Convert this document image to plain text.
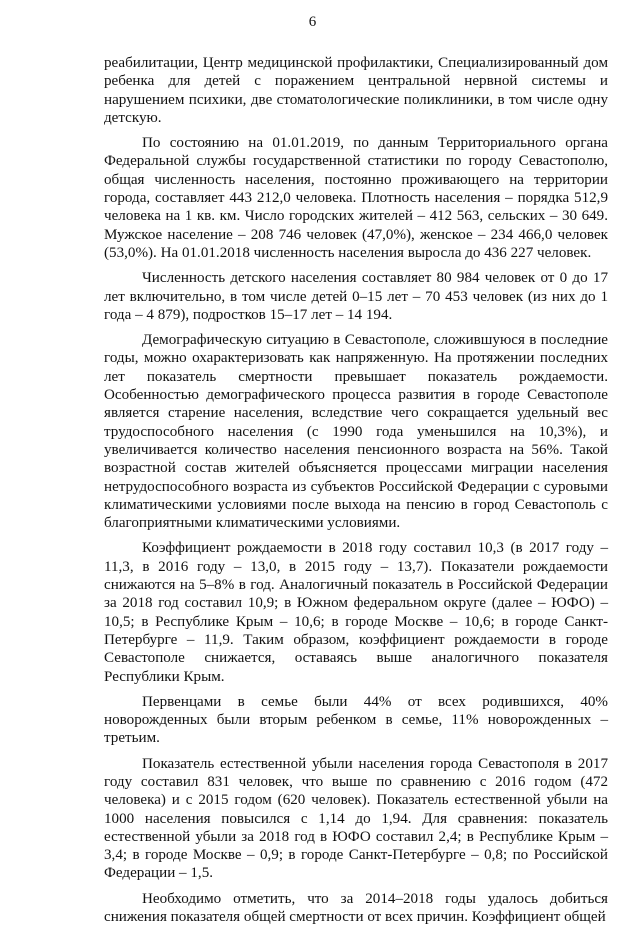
6

реабилитации, Центр медицинской профилактики, Специализированный дом ребенка для детей с поражением центральной нервной системы и нарушением психики, две стоматологические поликлиники, в том числе одну детскую.

По состоянию на 01.01.2019, по данным Территориального органа Федеральной службы государственной статистики по городу Севастополю, общая численность населения, постоянно проживающего на территории города, составляет 443 212,0 человека. Плотность населения – порядка 512,9 человека на 1 кв. км. Число городских жителей – 412 563, сельских – 30 649. Мужское население – 208 746 человек (47,0%), женское – 234 466,0 человек (53,0%). На 01.01.2018 численность населения выросла до 436 227 человек.

Численность детского населения составляет 80 984 человек от 0 до 17 лет включительно, в том числе детей 0–15 лет – 70 453 человек (из них до 1 года – 4 879), подростков 15–17 лет – 14 194.

Демографическую ситуацию в Севастополе, сложившуюся в последние годы, можно охарактеризовать как напряженную. На протяжении последних лет показатель смертности превышает показатель рождаемости. Особенностью демографического процесса развития в городе Севастополе является старение населения, вследствие чего сокращается удельный вес трудоспособного населения (с 1990 года уменьшился на 10,3%), и увеличивается количество населения пенсионного возраста на 56%. Такой возрастной состав жителей объясняется процессами миграции населения нетрудоспособного возраста из субъектов Российской Федерации с суровыми климатическими условиями после выхода на пенсию в город Севастополь с благоприятными климатическими условиями.

Коэффициент рождаемости в 2018 году составил 10,3 (в 2017 году – 11,3, в 2016 году – 13,0, в 2015 году – 13,7). Показатели рождаемости снижаются на 5–8% в год. Аналогичный показатель в Российской Федерации за 2018 год составил 10,9; в Южном федеральном округе (далее – ЮФО) – 10,5; в Республике Крым – 10,6; в городе Москве – 10,6; в городе Санкт-Петербурге – 11,9. Таким образом, коэффициент рождаемости в городе Севастополе снижается, оставаясь выше аналогичного показателя Республики Крым.

Первенцами в семье были 44% от всех родившихся, 40% новорожденных были вторым ребенком в семье, 11% новорожденных – третьим.

Показатель естественной убыли населения города Севастополя в 2017 году составил 831 человек, что выше по сравнению с 2016 годом (472 человека) и с 2015 годом (620 человек). Показатель естественной убыли на 1000 населения повысился с 1,14 до 1,94. Для сравнения: показатель естественной убыли за 2018 год в ЮФО составил 2,4; в Республике Крым – 3,4; в городе Москве – 0,9; в городе Санкт-Петербурге – 0,8; по Российской Федерации – 1,5.

Необходимо отметить, что за 2014–2018 годы удалось добиться снижения показателя общей смертности от всех причин. Коэффициент общей
